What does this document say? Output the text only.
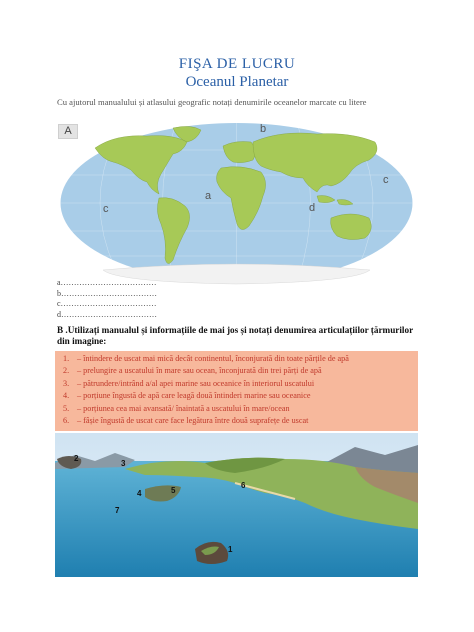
FIŞA DE LUCRU
Oceanul Planetar
Cu ajutorul manualului și atlasului geografic notați denumirile oceanelor marcate cu litere
A
a
b
c
c
d
a………………………………
b………………………………
c………………………………
d………………………………
B .Utilizați manualul și informațiile de mai jos și notați denumirea articulațiilor țărmurilor din imagine:
1. – întindere de uscat mai mică decât continentul, înconjurată din toate părțile de apă
2. – prelungire a uscatului în mare sau ocean, înconjurată din trei părți de apă
3. – pătrundere/intrând a/al apei marine sau oceanice în interiorul uscatului
4. – porțiune îngustă de apă care leagă două întinderi marine sau oceanice
5. – porțiunea cea mai avansată/ înaintată a uscatului în mare/ocean
6. – fâșie îngustă de uscat care face legătura între două suprafețe de uscat
1
2
3
4	5
6
7
